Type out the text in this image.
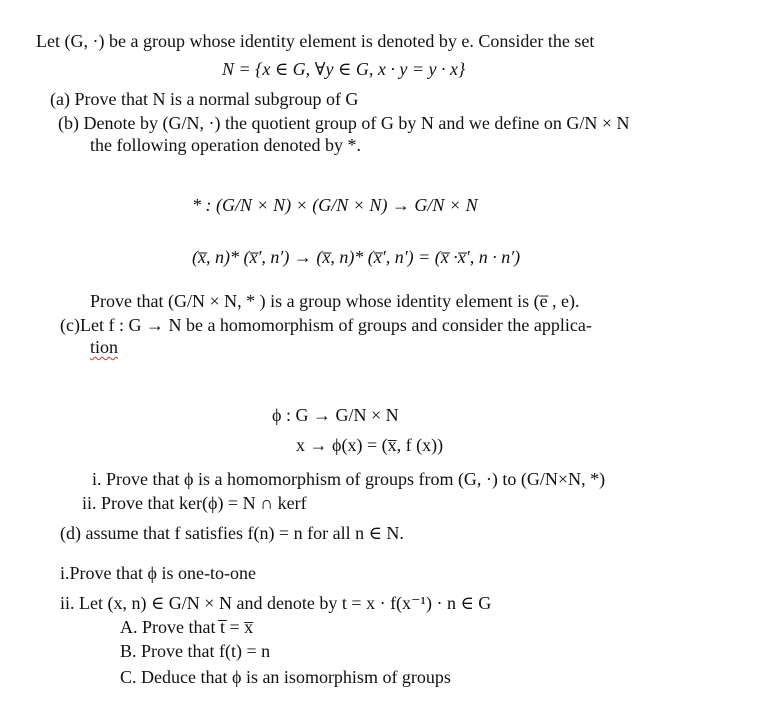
Let (G, ·) be a group whose identity element is denoted by e. Consider the set
N = {x ∈ G, ∀y ∈ G, x · y = y · x}
(a) Prove that N is a normal subgroup of G
(b) Denote by (G/N, ·) the quotient group of G by N and we define on G/N × N
the following operation denoted by *.
* : (G/N × N) × (G/N × N) → G/N × N
(x̅, n)* (x̅′, n′) → (x̅, n)* (x̅′, n′) = (x̅ ·x̅′, n · n′)
Prove that (G/N × N, * ) is a group whose identity element is (e̅ , e).
(c)Let f : G → N be a homomorphism of groups and consider the applica-
tion
ϕ : G → G/N × N
x → ϕ(x) = (x̅, f (x))
i. Prove that ϕ is a homomorphism of groups from (G, ·) to (G/N×N, *)
ii. Prove that ker(ϕ) = N ∩ kerf
(d) assume that f satisfies f(n) = n for all n ∈ N.
i.Prove that ϕ is one-to-one
ii. Let (x, n) ∈ G/N × N and denote by t = x · f(x⁻¹) · n ∈ G
A. Prove that t̅ = x̅
B. Prove that f(t) = n
C. Deduce that ϕ is an isomorphism of groups
